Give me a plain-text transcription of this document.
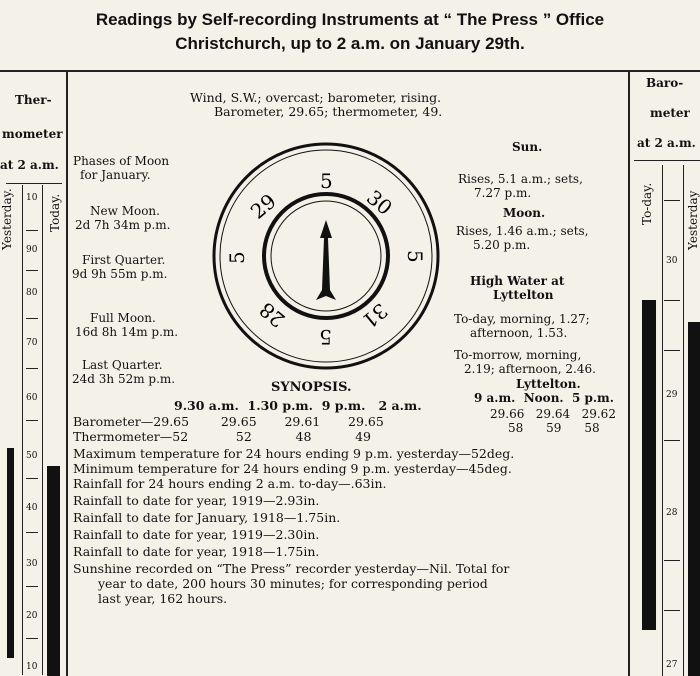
Readings by Self-recording Instruments at “ The Press ” Office
Christchurch, up to 2 a.m. on January 29th.
Ther-
mometer
at 2 a.m.
Yesterday.	Today.
10
90
80
70
60
50
40
30
20
10
Baro-
meter
at 2 a.m.
To-day.	Yesterday
30
29
28
27
Wind, S.W.; overcast; barometer, rising.
Barometer, 29.65; thermometer, 49.
Phases of Moon
for January.
New Moon.
2d 7h 34m p.m.
First Quarter.
9d 9h 55m p.m.
Full Moon.
16d 8h 14m p.m.
Last Quarter.
24d 3h 52m p.m.
5
30
5
31
5
28
5
29
Sun.
Rises, 5.1 a.m.; sets,
7.27 p.m.
Moon.
Rises, 1.46 a.m.; sets,
5.20 p.m.
High Water at
Lyttelton
To-day, morning, 1.27;
afternoon, 1.53.
To-morrow, morning,
2.19; afternoon, 2.46.
Lyttelton.
9 a.m.  Noon.  5 p.m.
29.66   29.64   29.62
58      59      58
SYNOPSIS.
9.30 a.m.  1.30 p.m.  9 p.m.   2 a.m.
Barometer—29.65        29.65       29.61       29.65
Thermometer—52            52           48           49
Maximum temperature for 24 hours ending 9 p.m. yesterday—52deg.
Minimum temperature for 24 hours ending 9 p.m. yesterday—45deg.
Rainfall for 24 hours ending 2 a.m. to-day—.63in.
Rainfall to date for year, 1919—2.93in.
Rainfall to date for January, 1918—1.75in.
Rainfall to date for year, 1919—2.30in.
Rainfall to date for year, 1918—1.75in.
Sunshine recorded on “The Press” recorder yesterday—Nil. Total for
year to date, 200 hours 30 minutes; for corresponding period
last year, 162 hours.
